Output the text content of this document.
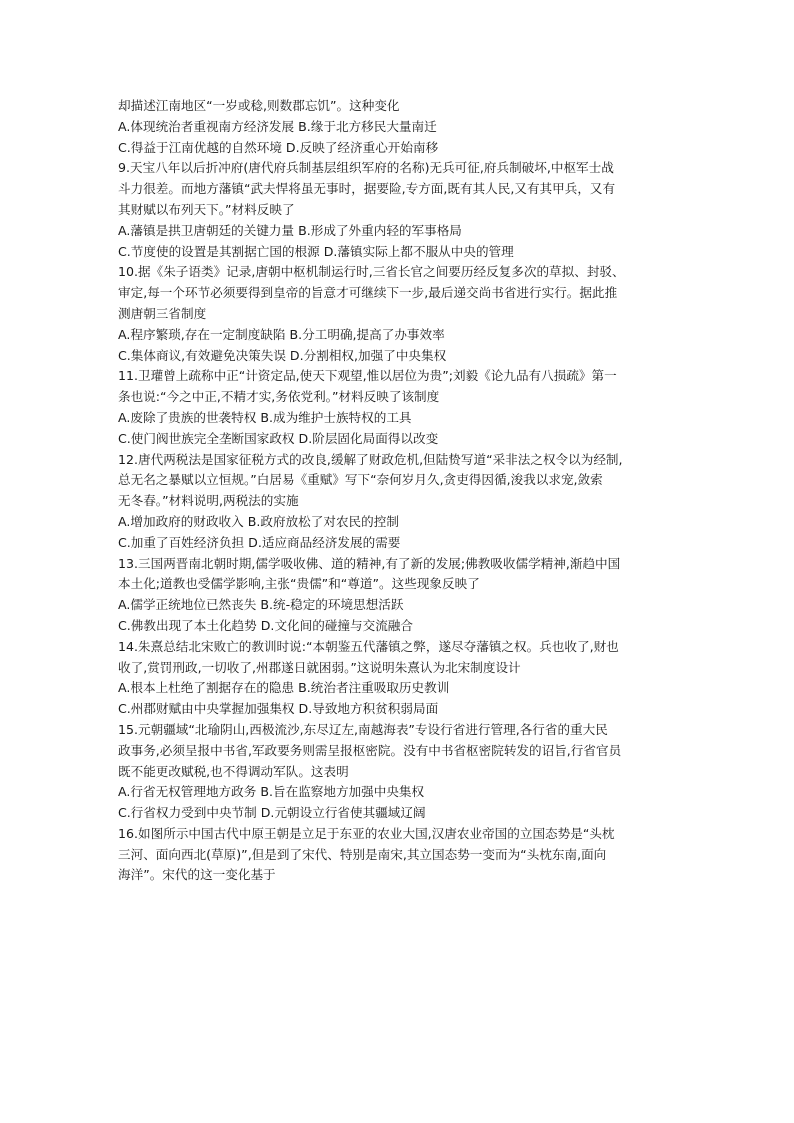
却描述江南地区“一岁或稔,则数郡忘饥”。这种变化
A.体现统治者重视南方经济发展 B.缘于北方移民大量南迁
C.得益于江南优越的自然环境 D.反映了经济重心开始南移
9.天宝八年以后折冲府(唐代府兵制基层组织军府的名称)无兵可征,府兵制破坏,中枢军士战
斗力很差。而地方藩镇“武夫悍将虽无事时，据要险,专方面,既有其人民,又有其甲兵，又有
其财赋以布列天下。”材料反映了
A.藩镇是拱卫唐朝廷的关键力量 B.形成了外重内轻的军事格局
C.节度使的设置是其割据亡国的根源 D.藩镇实际上都不服从中央的管理
10.据《朱子语类》记录,唐朝中枢机制运行时,三省长官之间要历经反复多次的草拟、封驳、
审定,每一个环节必须要得到皇帝的旨意才可继续下一步,最后递交尚书省进行实行。据此推
测唐朝三省制度
A.程序繁琐,存在一定制度缺陷 B.分工明确,提高了办事效率
C.集体商议,有效避免决策失误 D.分割相权,加强了中央集权
11.卫瓘曾上疏称中正“计资定品,使天下观望,惟以居位为贵”;刘毅《论九品有八损疏》第一
条也说:“今之中正,不精才实,务依党利。”材料反映了该制度
A.废除了贵族的世袭特权 B.成为维护士族特权的工具
C.使门阀世族完全垄断国家政权 D.阶层固化局面得以改变
12.唐代两税法是国家征税方式的改良,缓解了财政危机,但陆贽写道“采非法之权令以为经制,
总无名之暴赋以立恒规。”白居易《重赋》写下“奈何岁月久,贪吏得因循,浚我以求宠,敛索
无冬春。”材料说明,两税法的实施
A.增加政府的财政收入 B.政府放松了对农民的控制
C.加重了百姓经济负担 D.适应商品经济发展的需要
13.三国两晋南北朝时期,儒学吸收佛、道的精神,有了新的发展;佛教吸收儒学精神,渐趋中国
本土化;道教也受儒学影响,主张“贵儒”和“尊道”。这些现象反映了
A.儒学正统地位已然丧失 B.统-稳定的环境思想活跃
C.佛教出现了本土化趋势 D.文化间的碰撞与交流融合
14.朱熹总结北宋败亡的教训时说:“本朝鉴五代藩镇之弊，遂尽夺藩镇之权。兵也收了,财也
收了,赏罚刑政,一切收了,州郡遂日就困弱。”这说明朱熹认为北宋制度设计
A.根本上杜绝了割据存在的隐患 B.统治者注重吸取历史教训
C.州郡财赋由中央掌握加强集权 D.导致地方积贫积弱局面
15.元朝疆域“北瑜阴山,西极流沙,东尽辽左,南越海表”专设行省进行管理,各行省的重大民
政事务,必须呈报中书省,军政要务则需呈报枢密院。没有中书省枢密院转发的诏旨,行省官员
既不能更改赋税,也不得调动军队。这表明
A.行省无权管理地方政务 B.旨在监察地方加强中央集权
C.行省权力受到中央节制 D.元朝设立行省使其疆域辽阔
16.如图所示中国古代中原王朝是立足于东亚的农业大国,汉唐农业帝国的立国态势是“头枕
三河、面向西北(草原)”,但是到了宋代、特别是南宋,其立国态势一变而为“头枕东南,面向
海洋”。宋代的这一变化基于
